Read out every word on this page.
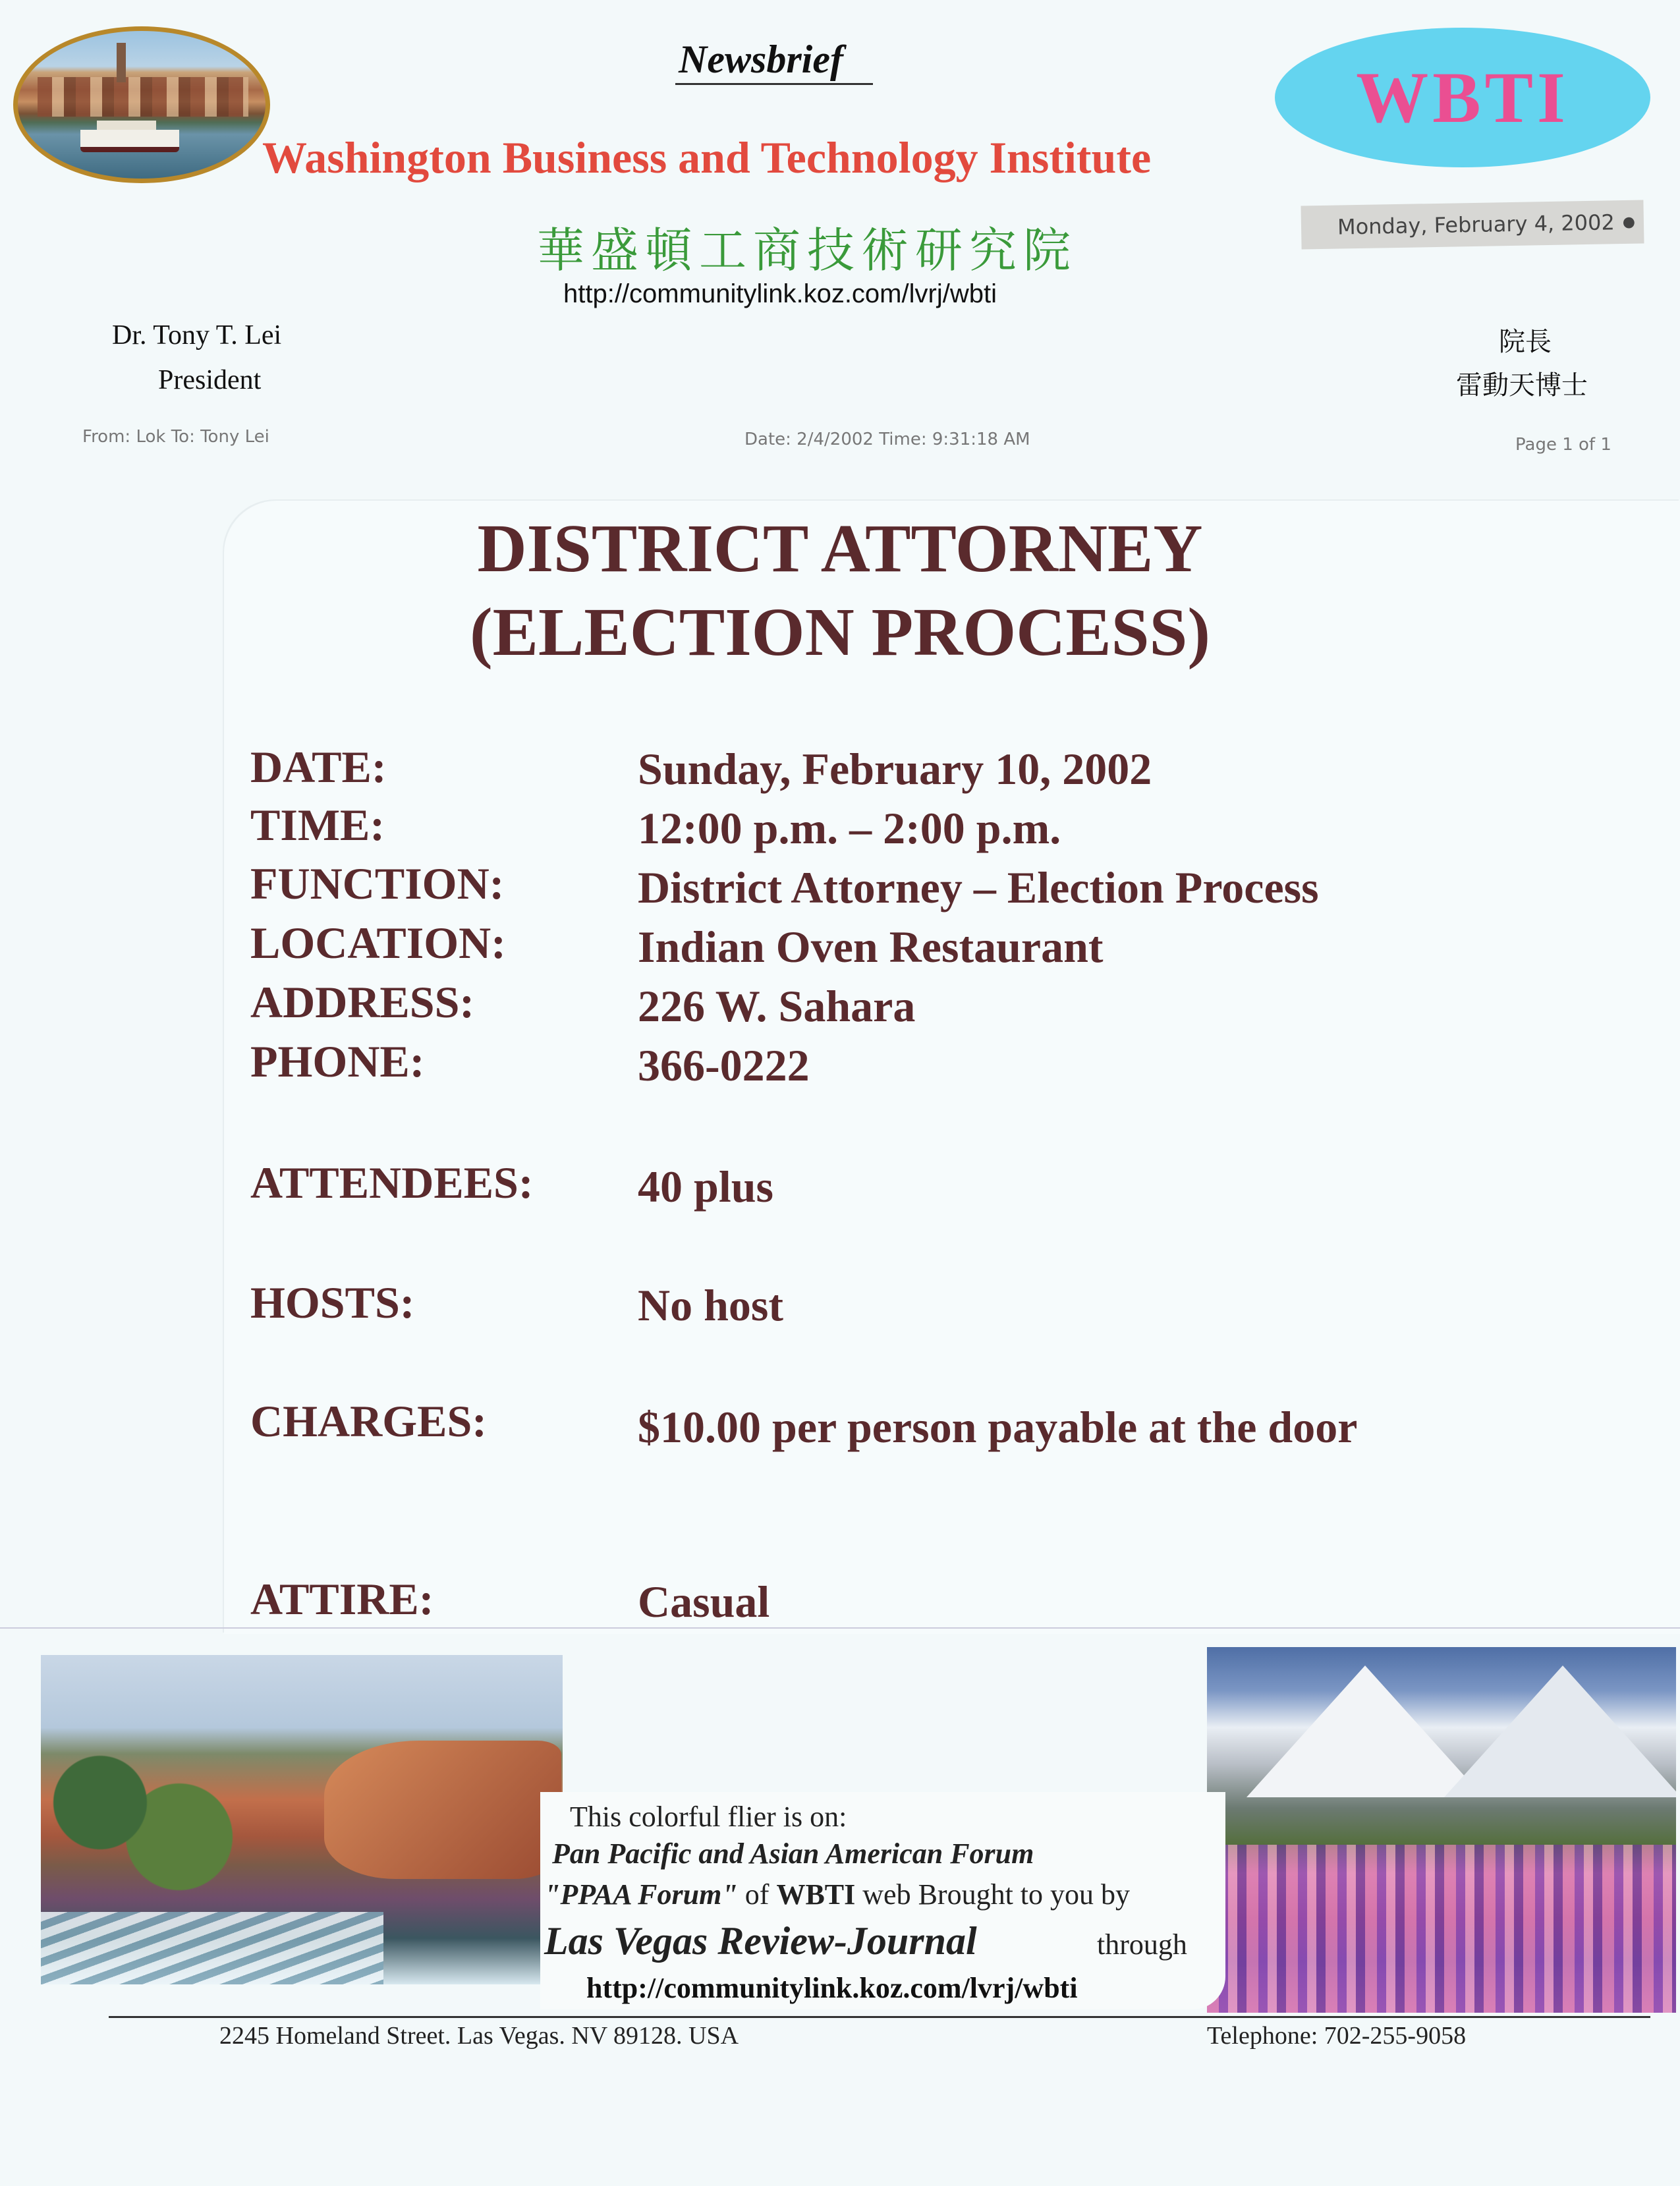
Newsbrief
Washington Business and Technology Institute
華盛頓工商技術研究院
http://communitylink.koz.com/lvrj/wbti
WBTI
Monday, February 4, 2002 ●
Dr. Tony T. Lei
President
院長
雷動天博士
From: Lok To: Tony Lei	Date: 2/4/2002 Time: 9:31:18 AM	Page 1 of 1
DISTRICT ATTORNEY
(ELECTION PROCESS)
DATE:	Sunday, February 10, 2002
TIME:	12:00 p.m. – 2:00 p.m.
FUNCTION:	District Attorney – Election Process
LOCATION:	Indian Oven Restaurant
ADDRESS:	226 W. Sahara
PHONE:	366-0222
ATTENDEES: 40 plus
HOSTS:	No host
CHARGES:	$10.00 per person payable at the door
ATTIRE:	Casual
This colorful flier is on:
Pan Pacific and Asian American Forum
"PPAA Forum" of WBTI web Brought to you by
Las Vegas Review-Journal	through
http://communitylink.koz.com/lvrj/wbti
2245 Homeland Street. Las Vegas. NV 89128. USA	Telephone: 702-255-9058
